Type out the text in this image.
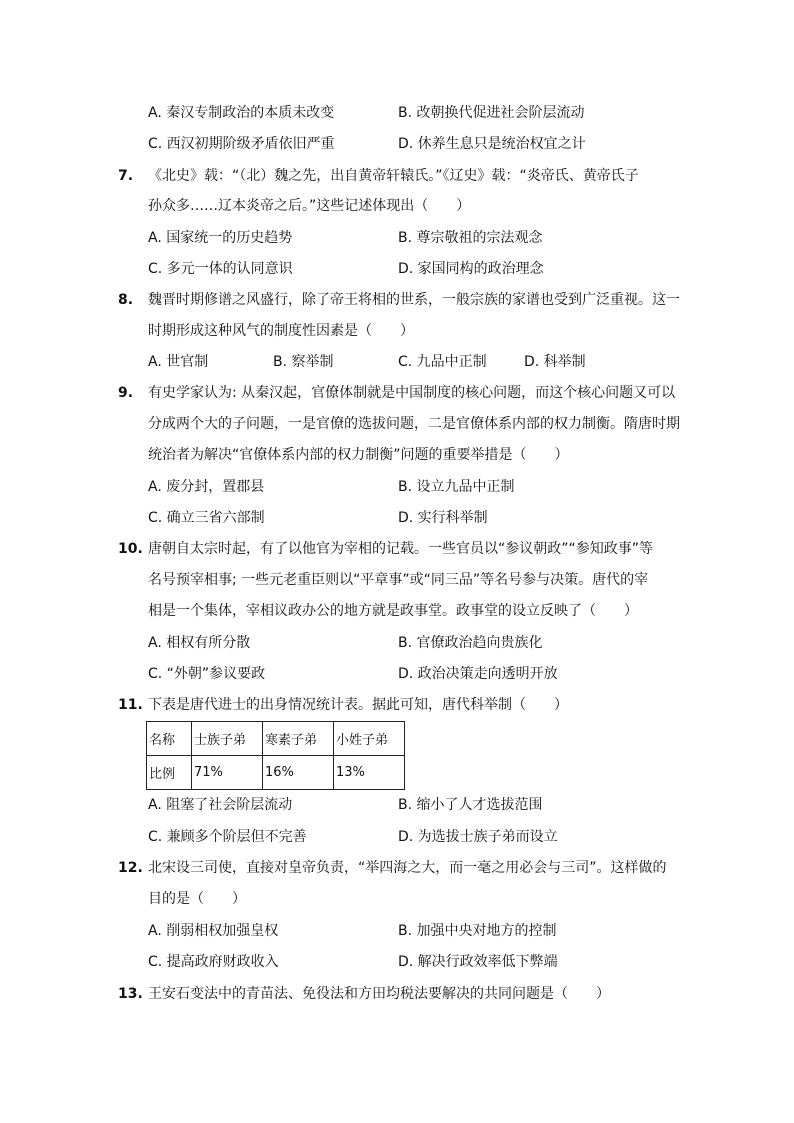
A. 秦汉专制政治的本质未改变	B. 改朝换代促进社会阶层流动
C. 西汉初期阶级矛盾依旧严重	D. 休养生息只是统治权宜之计
7. 《北史》载：“（北）魏之先，出自黄帝轩辕氏。”《辽史》载：“炎帝氏、黄帝氏子
孙众多……辽本炎帝之后。”这些记述体现出（　　）
A. 国家统一的历史趋势	B. 尊宗敬祖的宗法观念
C. 多元一体的认同意识	D. 家国同构的政治理念
8. 魏晋时期修谱之风盛行，除了帝王将相的世系，一般宗族的家谱也受到广泛重视。这一
时期形成这种风气的制度性因素是（　　）
A. 世官制	B. 察举制	C. 九品中正制	D. 科举制
9. 有史学家认为: 从秦汉起，官僚体制就是中国制度的核心问题，而这个核心问题又可以
分成两个大的子问题，一是官僚的选拔问题，二是官僚体系内部的权力制衡。隋唐时期
统治者为解决“官僚体系内部的权力制衡”问题的重要举措是（　　）
A. 废分封，置郡县	B. 设立九品中正制
C. 确立三省六部制	D. 实行科举制
10. 唐朝自太宗时起，有了以他官为宰相的记载。一些官员以“参议朝政”“参知政事”等
名号预宰相事; 一些元老重臣则以“平章事”或“同三品”等名号参与决策。唐代的宰
相是一个集体，宰相议政办公的地方就是政事堂。政事堂的设立反映了（　　）
A. 相权有所分散	B. 官僚政治趋向贵族化
C. “外朝”参议要政	D. 政治决策走向透明开放
11. 下表是唐代进士的出身情况统计表。据此可知，唐代科举制（　　）
名称	士族子弟	寒素子弟	小姓子弟
比例	71%	16%	13%
A. 阻塞了社会阶层流动	B. 缩小了人才选拔范围
C. 兼顾多个阶层但不完善	D. 为选拔士族子弟而设立
12. 北宋设三司使，直接对皇帝负责，“举四海之大，而一毫之用必会与三司”。这样做的
目的是（　　）
A. 削弱相权加强皇权	B. 加强中央对地方的控制
C. 提高政府财政收入	D. 解决行政效率低下弊端
13. 王安石变法中的青苗法、免役法和方田均税法要解决的共同问题是（　　）
